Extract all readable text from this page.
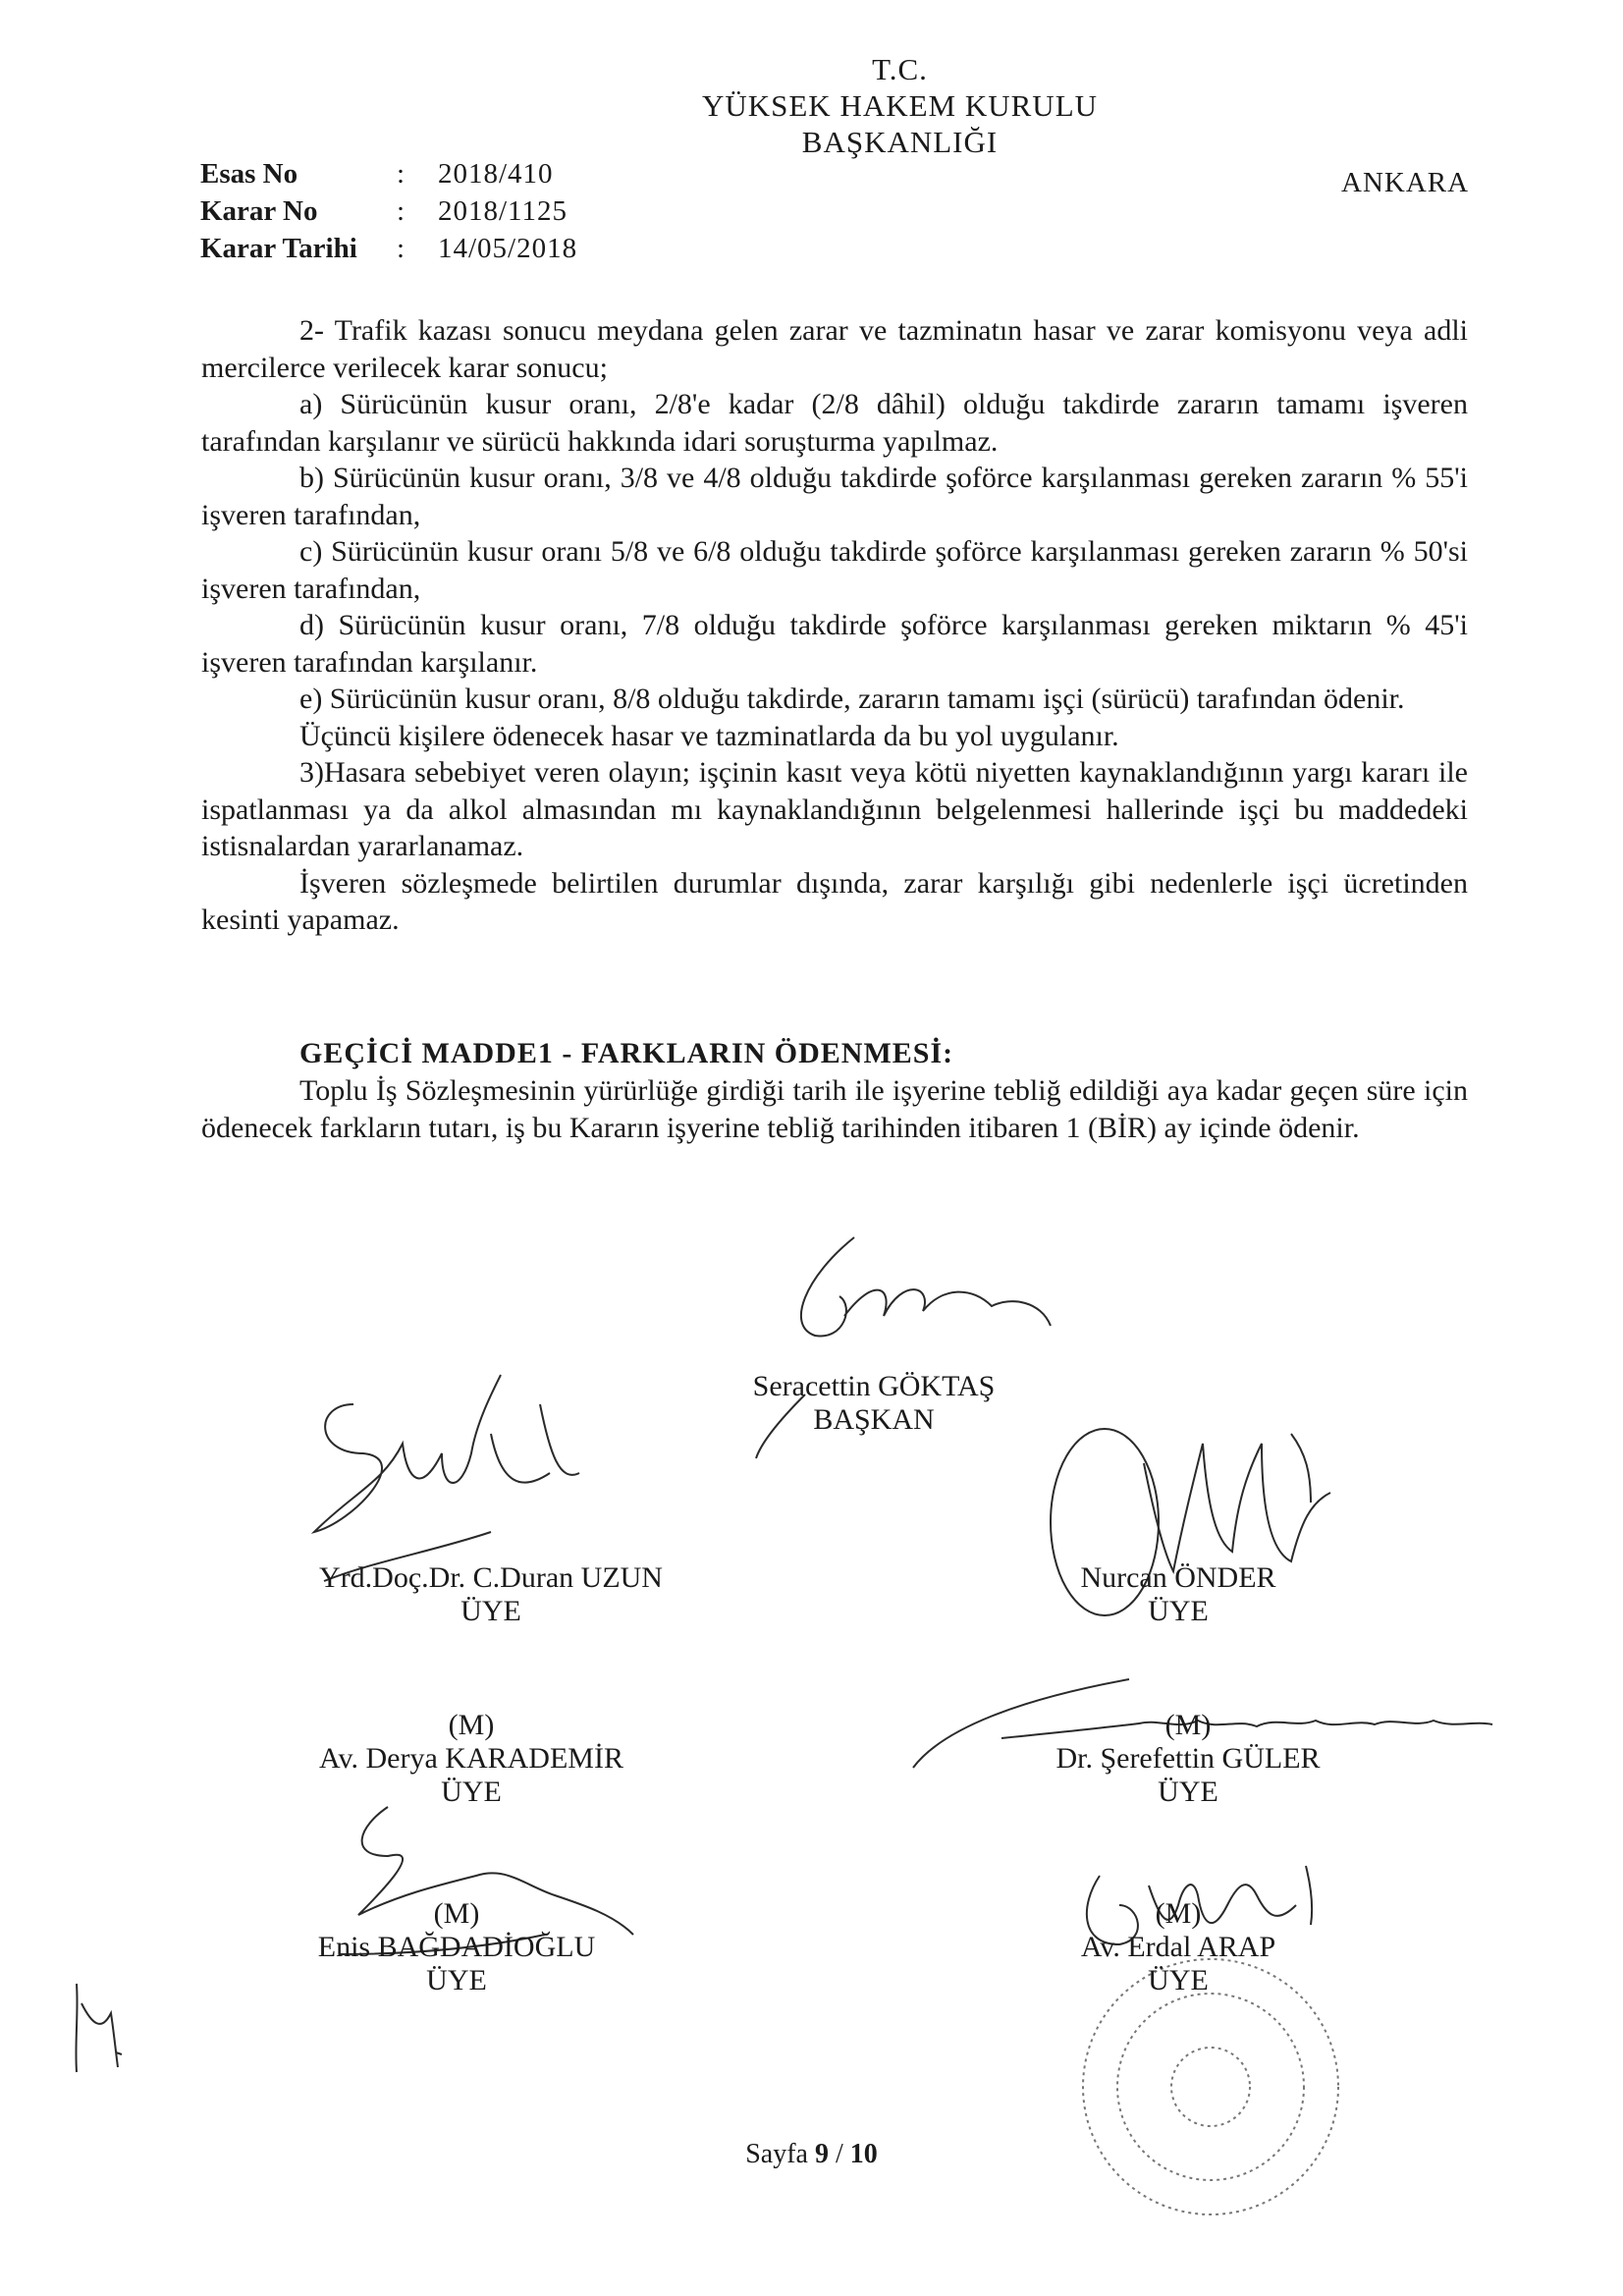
T.C.
YÜKSEK HAKEM KURULU
BAŞKANLIĞI
Esas No	:	2018/410
Karar No	:	2018/1125
Karar Tarihi	:	14/05/2018
ANKARA

2- Trafik kazası sonucu meydana gelen zarar ve tazminatın hasar ve zarar komisyonu veya adli mercilerce verilecek karar sonucu;

a) Sürücünün kusur oranı, 2/8'e kadar (2/8 dâhil) olduğu takdirde zararın tamamı işveren tarafından karşılanır ve sürücü hakkında idari soruşturma yapılmaz.

b) Sürücünün kusur oranı, 3/8 ve 4/8 olduğu takdirde şoförce karşılanması gereken zararın % 55'i işveren tarafından,

c) Sürücünün kusur oranı 5/8 ve 6/8 olduğu takdirde şoförce karşılanması gereken zararın % 50'si işveren tarafından,

d) Sürücünün kusur oranı, 7/8 olduğu takdirde şoförce karşılanması gereken miktarın % 45'i işveren tarafından karşılanır.

e) Sürücünün kusur oranı, 8/8 olduğu takdirde, zararın tamamı işçi (sürücü) tarafından ödenir.

Üçüncü kişilere ödenecek hasar ve tazminatlarda da bu yol uygulanır.

3)Hasara sebebiyet veren olayın; işçinin kasıt veya kötü niyetten kaynaklandığının yargı kararı ile ispatlanması ya da alkol almasından mı kaynaklandığının belgelenmesi hallerinde işçi bu maddedeki istisnalardan yararlanamaz.

İşveren sözleşmede belirtilen durumlar dışında, zarar karşılığı gibi nedenlerle işçi ücretinden kesinti yapamaz.

GEÇİCİ MADDE1 - FARKLARIN ÖDENMESİ:

Toplu İş Sözleşmesinin yürürlüğe girdiği tarih ile işyerine tebliğ edildiği aya kadar geçen süre için ödenecek farkların tutarı, iş bu Kararın işyerine tebliğ tarihinden itibaren 1 (BİR) ay içinde ödenir.

Seracettin GÖKTAŞ
BAŞKAN
Yrd.Doç.Dr. C.Duran UZUN
ÜYE
Nurcan ÖNDER
ÜYE
(M)
Av. Derya KARADEMİR
ÜYE
(M)
Dr. Şerefettin GÜLER
ÜYE
(M)
Enis BAĞDADİOĞLU
ÜYE
(M)
Av. Erdal ARAP
ÜYE
Sayfa 9 / 10
